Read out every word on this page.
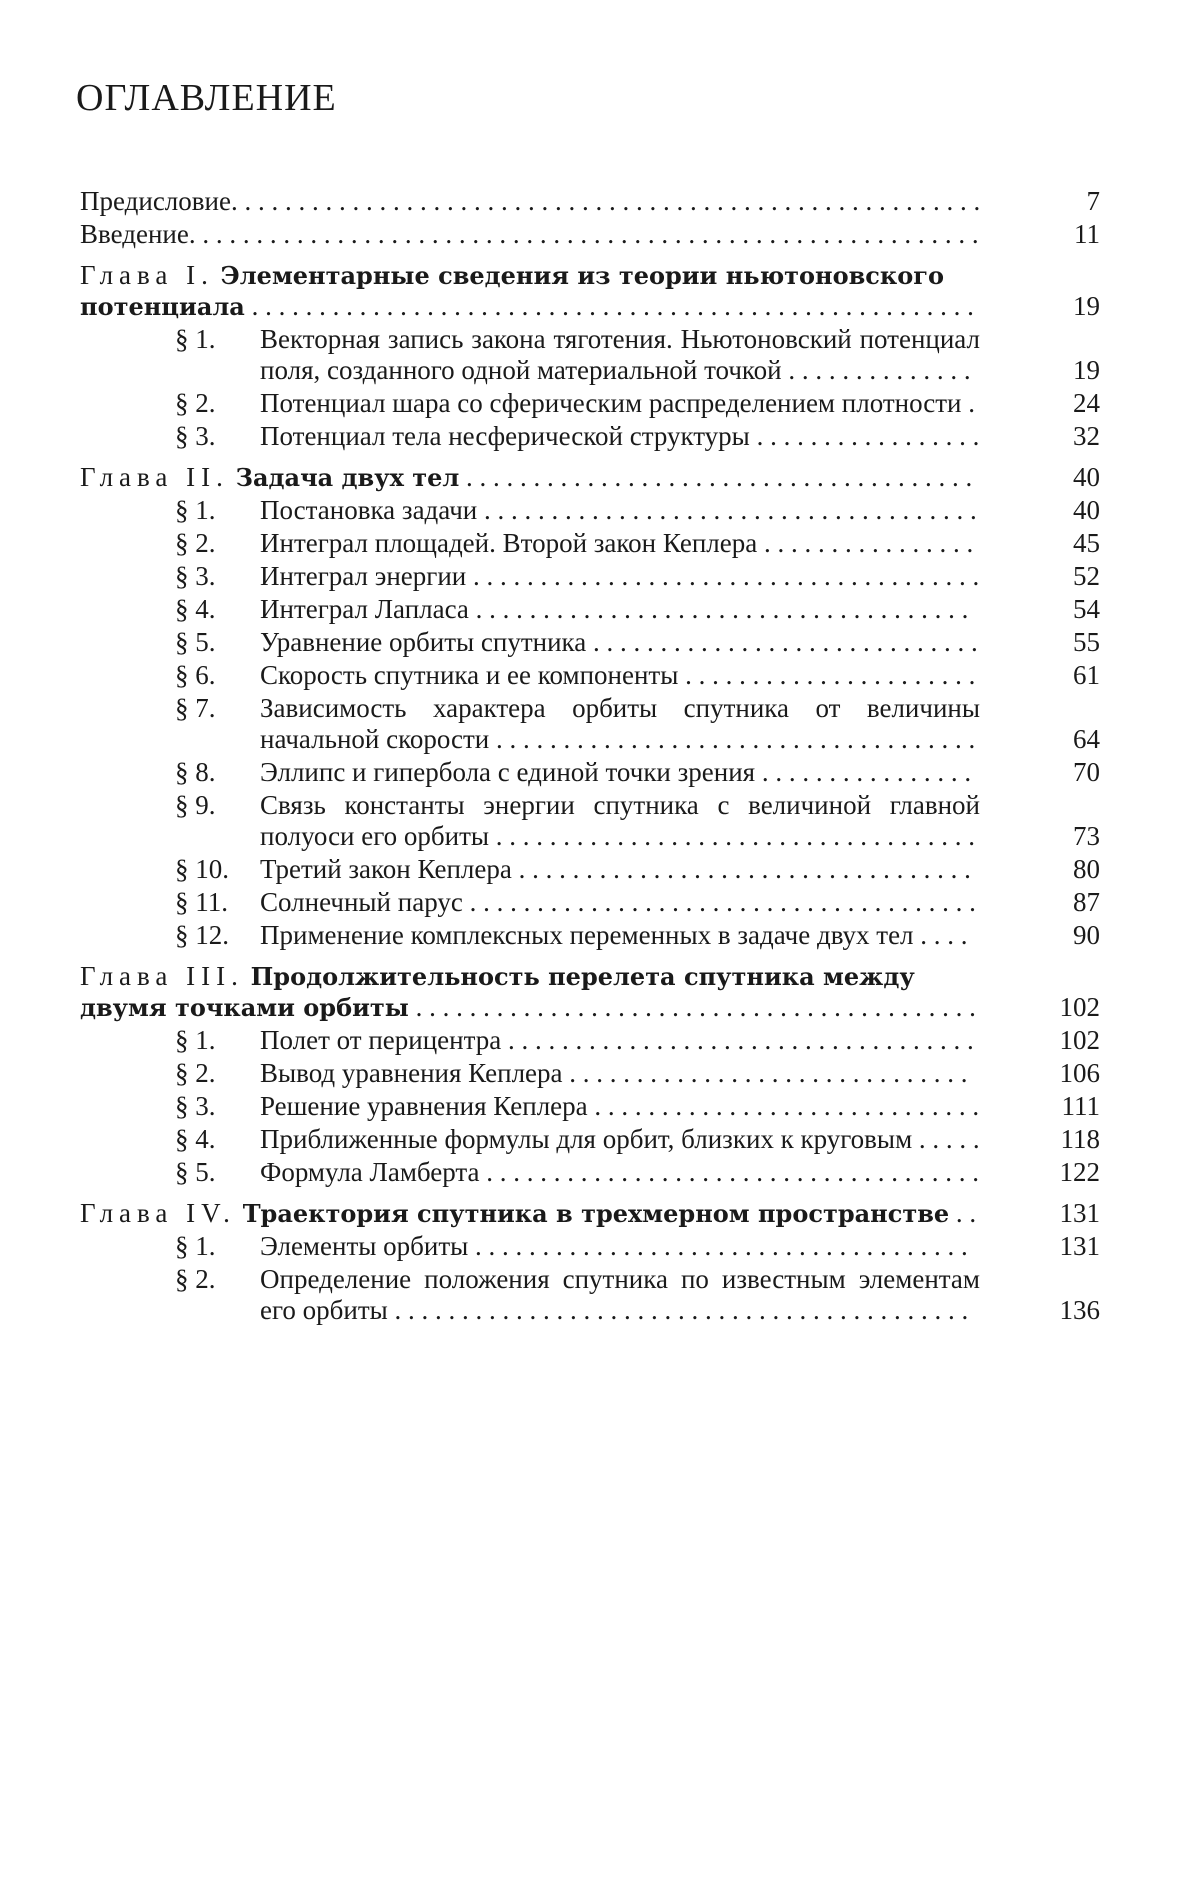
ОГЛАВЛЕНИЕ
Предисловие . . .	7
Введение . . .	11
Глава I. Элементарные сведения из теории ньютоновского потенциала . . . . . . . . . . . . . . . . . . . . . . . . . . . . . . . . . . . . . . . . . . . . . . . . . . . . . .	19
§ 1.	Векторная запись закона тяготения. Ньютоновский потенциал поля, созданного одной материальной точкой . . . . . . . . . . . . . .	19
§ 2.	Потенциал шара со сферическим распределением плотности .	24
§ 3.	Потенциал тела несферической структуры . . . . . . . . . . . . . . . . .	32
Глава II. Задача двух тел . . . . . . . . . . . . . . . . . . . . . . . . . . . . . . . . . . . . . .	40
§ 1.	Постановка задачи . . . . . . . . . . . . . . . . . . . . . . . . . . . . . . . . . . . . .	40
§ 2.	Интеграл площадей. Второй закон Кеплера . . . . . . . . . . . . . . . .	45
§ 3.	Интеграл энергии . . . . . . . . . . . . . . . . . . . . . . . . . . . . . . . . . . . . . .	52
§ 4.	Интеграл Лапласа . . . . . . . . . . . . . . . . . . . . . . . . . . . . . . . . . . . . .	54
§ 5.	Уравнение орбиты спутника . . . . . . . . . . . . . . . . . . . . . . . . . . . . .	55
§ 6.	Скорость спутника и ее компоненты . . . . . . . . . . . . . . . . . . . . . .	61
§ 7.	Зависимость характера орбиты спутника от величины начальной скорости . . . . . . . . . . . . . . . . . . . . . . . . . . . . . . . . . . . .	64
§ 8.	Эллипс и гипербола с единой точки зрения . . . . . . . . . . . . . . . .	70
§ 9.	Связь константы энергии спутника с величиной главной полуоси его орбиты . . . . . . . . . . . . . . . . . . . . . . . . . . . . . . . . . . . .	73
§ 10.	Третий закон Кеплера . . . . . . . . . . . . . . . . . . . . . . . . . . . . . . . . . .	80
§ 11.	Солнечный парус . . . . . . . . . . . . . . . . . . . . . . . . . . . . . . . . . . . . . .	87
§ 12.	Применение комплексных переменных в задаче двух тел . . . .	90
Глава III. Продолжительность перелета спутника между двумя точками орбиты . . . . . . . . . . . . . . . . . . . . . . . . . . . . . . . . . . . . . . . . . .	102
§ 1.	Полет от перицентра . . . . . . . . . . . . . . . . . . . . . . . . . . . . . . . . . . .	102
§ 2.	Вывод уравнения Кеплера . . . . . . . . . . . . . . . . . . . . . . . . . . . . . .	106
§ 3.	Решение уравнения Кеплера . . . . . . . . . . . . . . . . . . . . . . . . . . . . .	111
§ 4.	Приближенные формулы для орбит, близких к круговым . . . . .	118
§ 5.	Формула Ламберта . . . . . . . . . . . . . . . . . . . . . . . . . . . . . . . . . . . . .	122
Глава IV. Траектория спутника в трехмерном пространстве . .	131
§ 1.	Элементы орбиты . . . . . . . . . . . . . . . . . . . . . . . . . . . . . . . . . . . . .	131
§ 2.	Определение положения спутника по известным элементам его орбиты . . . . . . . . . . . . . . . . . . . . . . . . . . . . . . . . . . . . . . . . . . .	136
